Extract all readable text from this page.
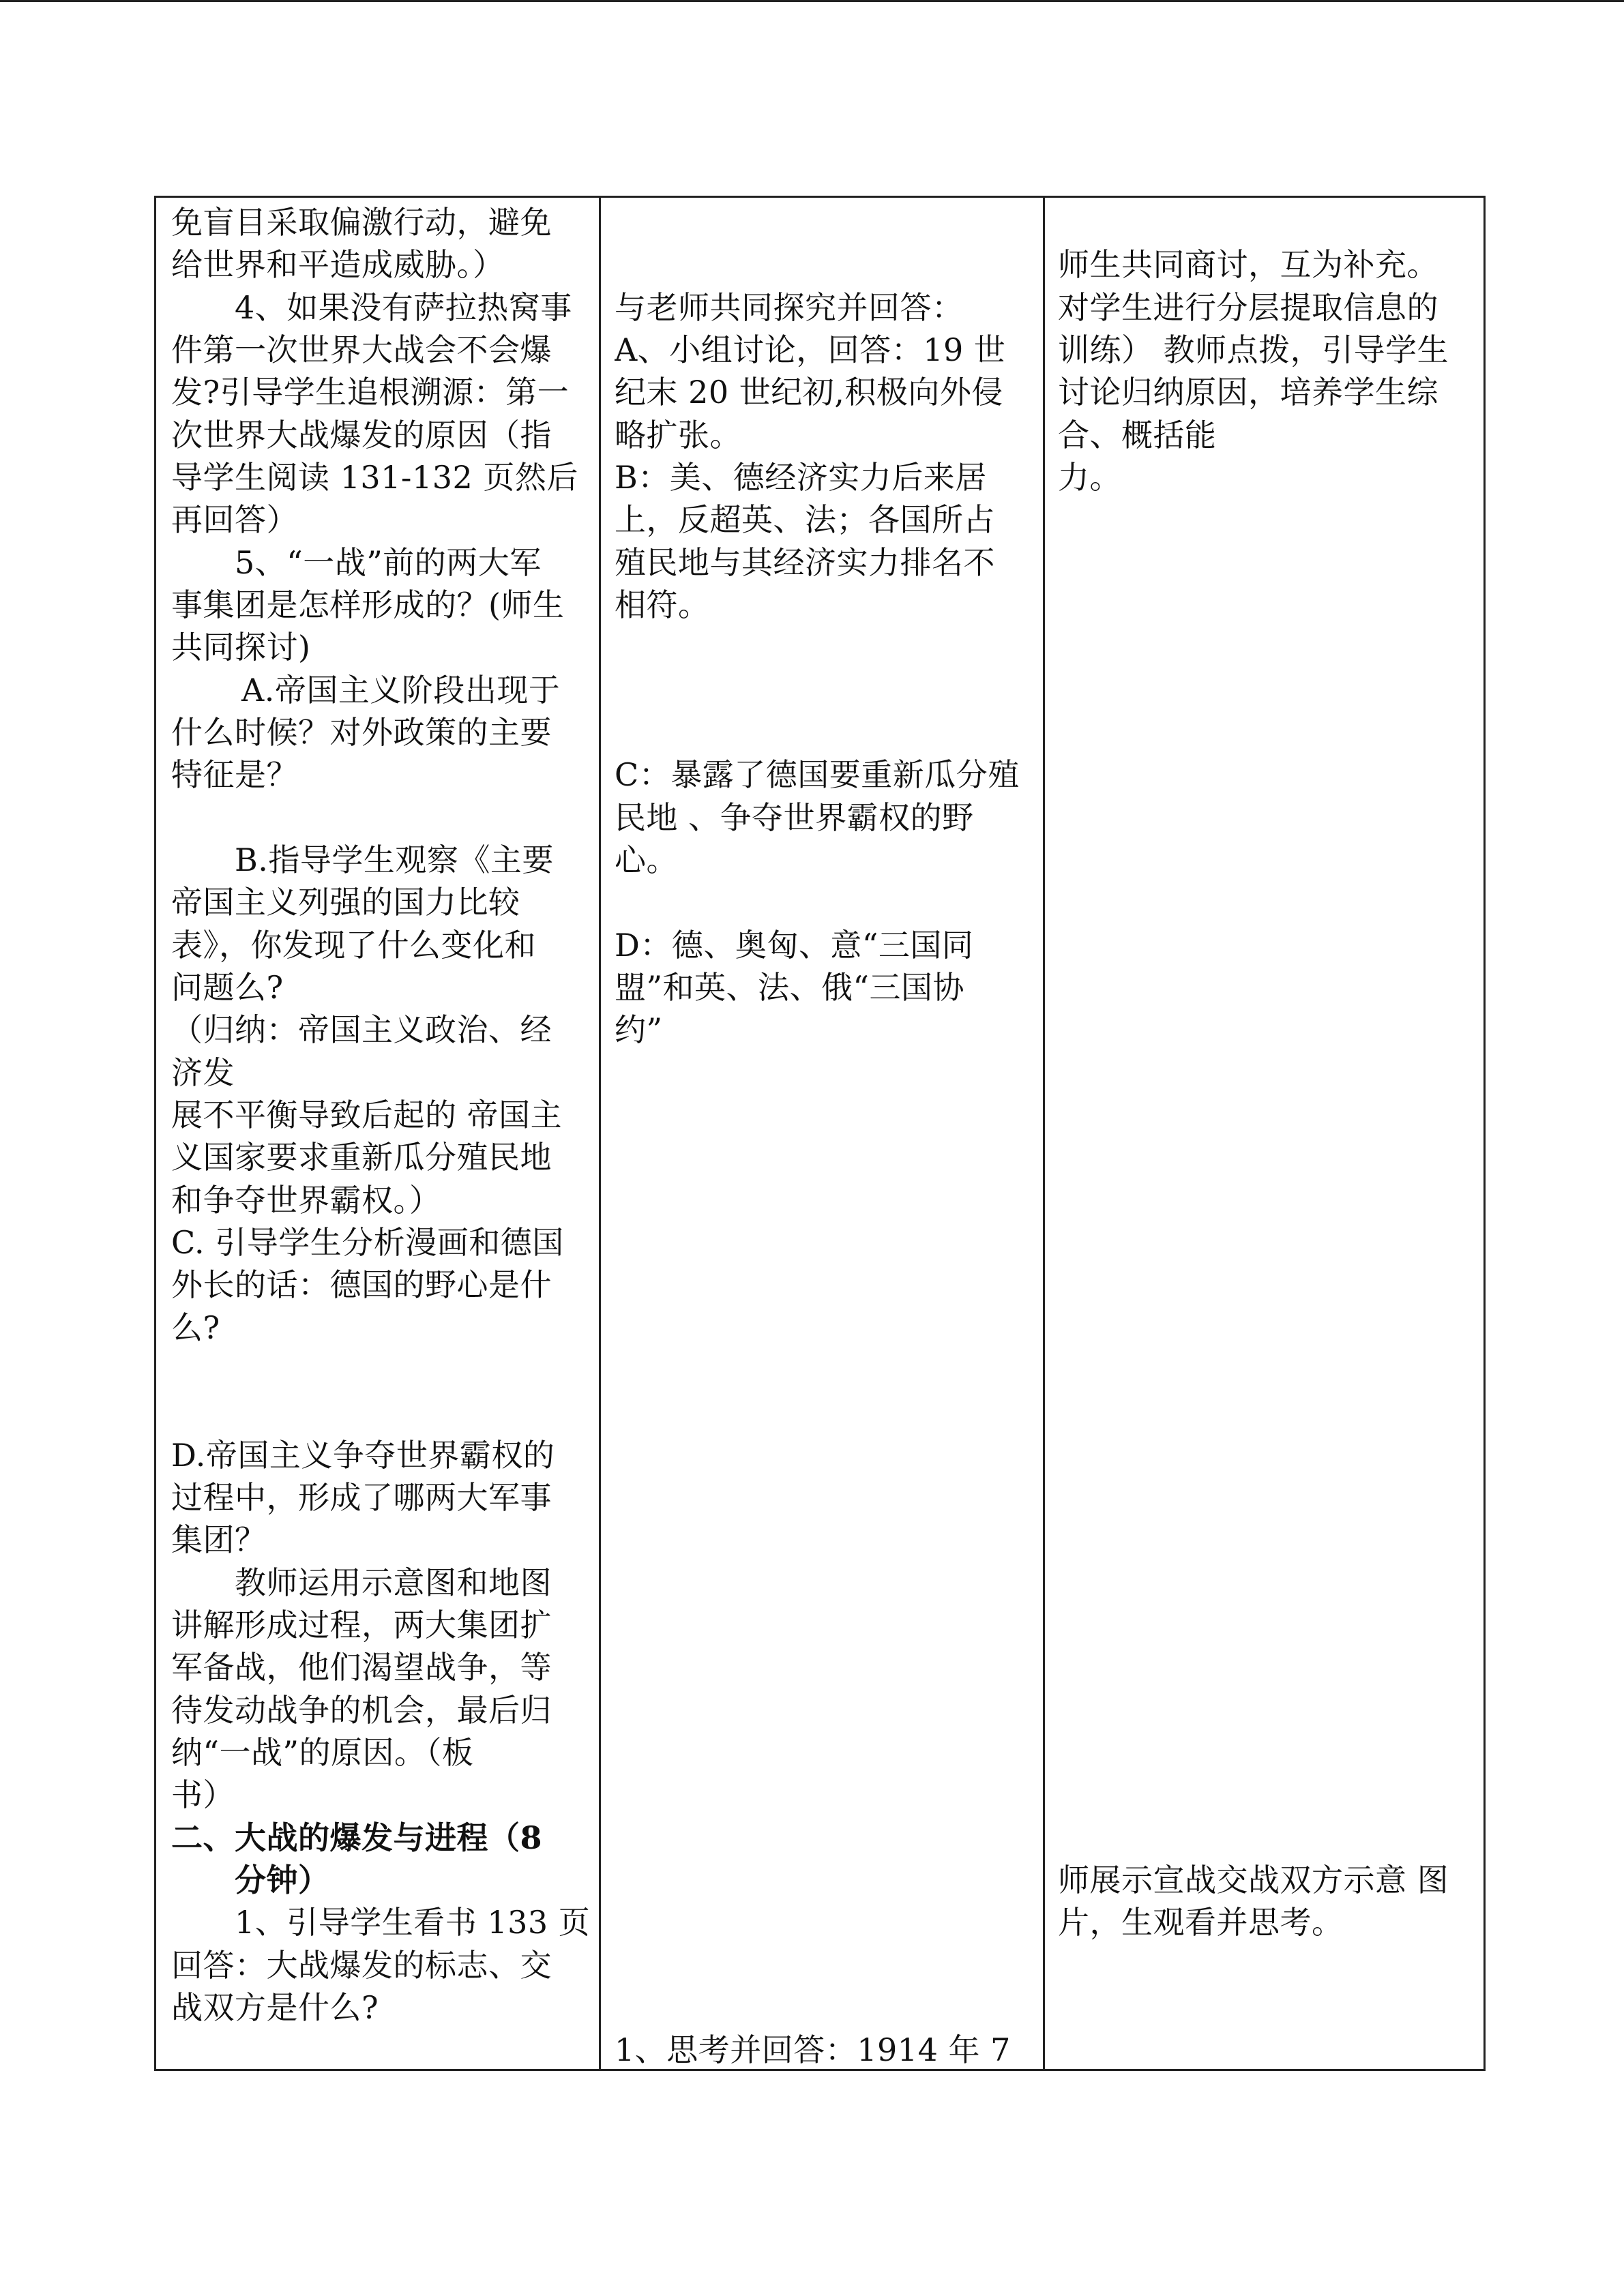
免盲目采取偏激行动，避免
给世界和平造成威胁。）
4、如果没有萨拉热窝事
件第一次世界大战会不会爆
发?引导学生追根溯源：第一
次世界大战爆发的原因（指
导学生阅读 131-132 页然后
再回答）
5、“一战”前的两大军
事集团是怎样形成的？(师生
共同探讨)
A.帝国主义阶段出现于
什么时候？对外政策的主要
特征是？
B.指导学生观察《主要
帝国主义列强的国力比较
表》，你发现了什么变化和
问题么?
（归纳：帝国主义政治、经
济发
展不平衡导致后起的 帝国主
义国家要求重新瓜分殖民地
和争夺世界霸权。）
C. 引导学生分析漫画和德国
外长的话：德国的野心是什
么?
D.帝国主义争夺世界霸权的
过程中，形成了哪两大军事
集团？
教师运用示意图和地图
讲解形成过程，两大集团扩
军备战，他们渴望战争，等
待发动战争的机会，最后归
纳“一战”的原因。（板
书）
二、大战的爆发与进程（8
分钟）
1、引导学生看书 133 页
回答：大战爆发的标志、交
战双方是什么?
与老师共同探究并回答：
A、小组讨论，回答：19 世
纪末 20 世纪初,积极向外侵
略扩张。
B：美、德经济实力后来居
上，反超英、法；各国所占
殖民地与其经济实力排名不
相符。
C：暴露了德国要重新瓜分殖
民地 、争夺世界霸权的野
心。
D：德、奥匈、意“三国同
盟”和英、法、俄“三国协
约”
1、思考并回答：1914 年 7
师生共同商讨，互为补充。
对学生进行分层提取信息的
训练） 教师点拨，引导学生
讨论归纳原因，培养学生综
合、概括能
力。
师展示宣战交战双方示意 图
片，生观看并思考。
